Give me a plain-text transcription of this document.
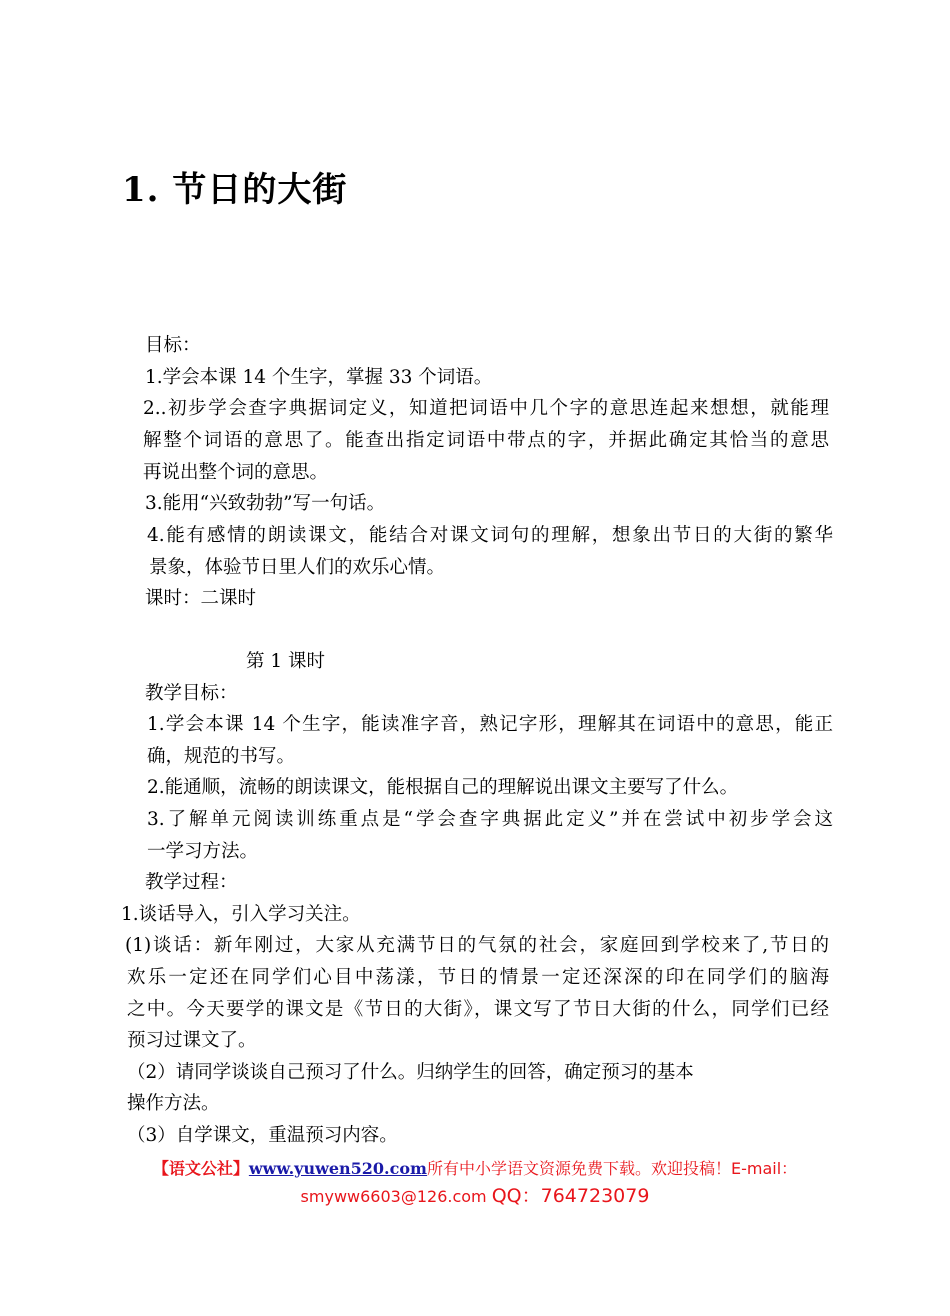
1. 节日的大街
目标：
1.学会本课 14 个生字，掌握 33 个词语。
2..初步学会查字典据词定义，知道把词语中几个字的意思连起来想想，就能理
解整个词语的意思了。能查出指定词语中带点的字，并据此确定其恰当的意思
再说出整个词的意思。
3.能用“兴致勃勃”写一句话。
4.能有感情的朗读课文，能结合对课文词句的理解，想象出节日的大街的繁华
景象，体验节日里人们的欢乐心情。
课时：二课时
第 1 课时
教学目标：
1.学会本课 14 个生字，能读准字音，熟记字形，理解其在词语中的意思，能正
确，规范的书写。
2.能通顺，流畅的朗读课文，能根据自己的理解说出课文主要写了什么。
3.了解单元阅读训练重点是“学会查字典据此定义”并在尝试中初步学会这
一学习方法。
教学过程：
1.谈话导入，引入学习关注。
(1)谈话：新年刚过，大家从充满节日的气氛的社会，家庭回到学校来了,节日的
欢乐一定还在同学们心目中荡漾，节日的情景一定还深深的印在同学们的脑海
之中。今天要学的课文是《节日的大街》，课文写了节日大街的什么，同学们已经
预习过课文了。
（2）请同学谈谈自己预习了什么。归纳学生的回答，确定预习的基本
操作方法。
（3）自学课文，重温预习内容。
【语文公社】www.yuwen520.com所有中小学语文资源免费下载。欢迎投稿！E-mail：
smyww6603@126.com QQ：764723079
